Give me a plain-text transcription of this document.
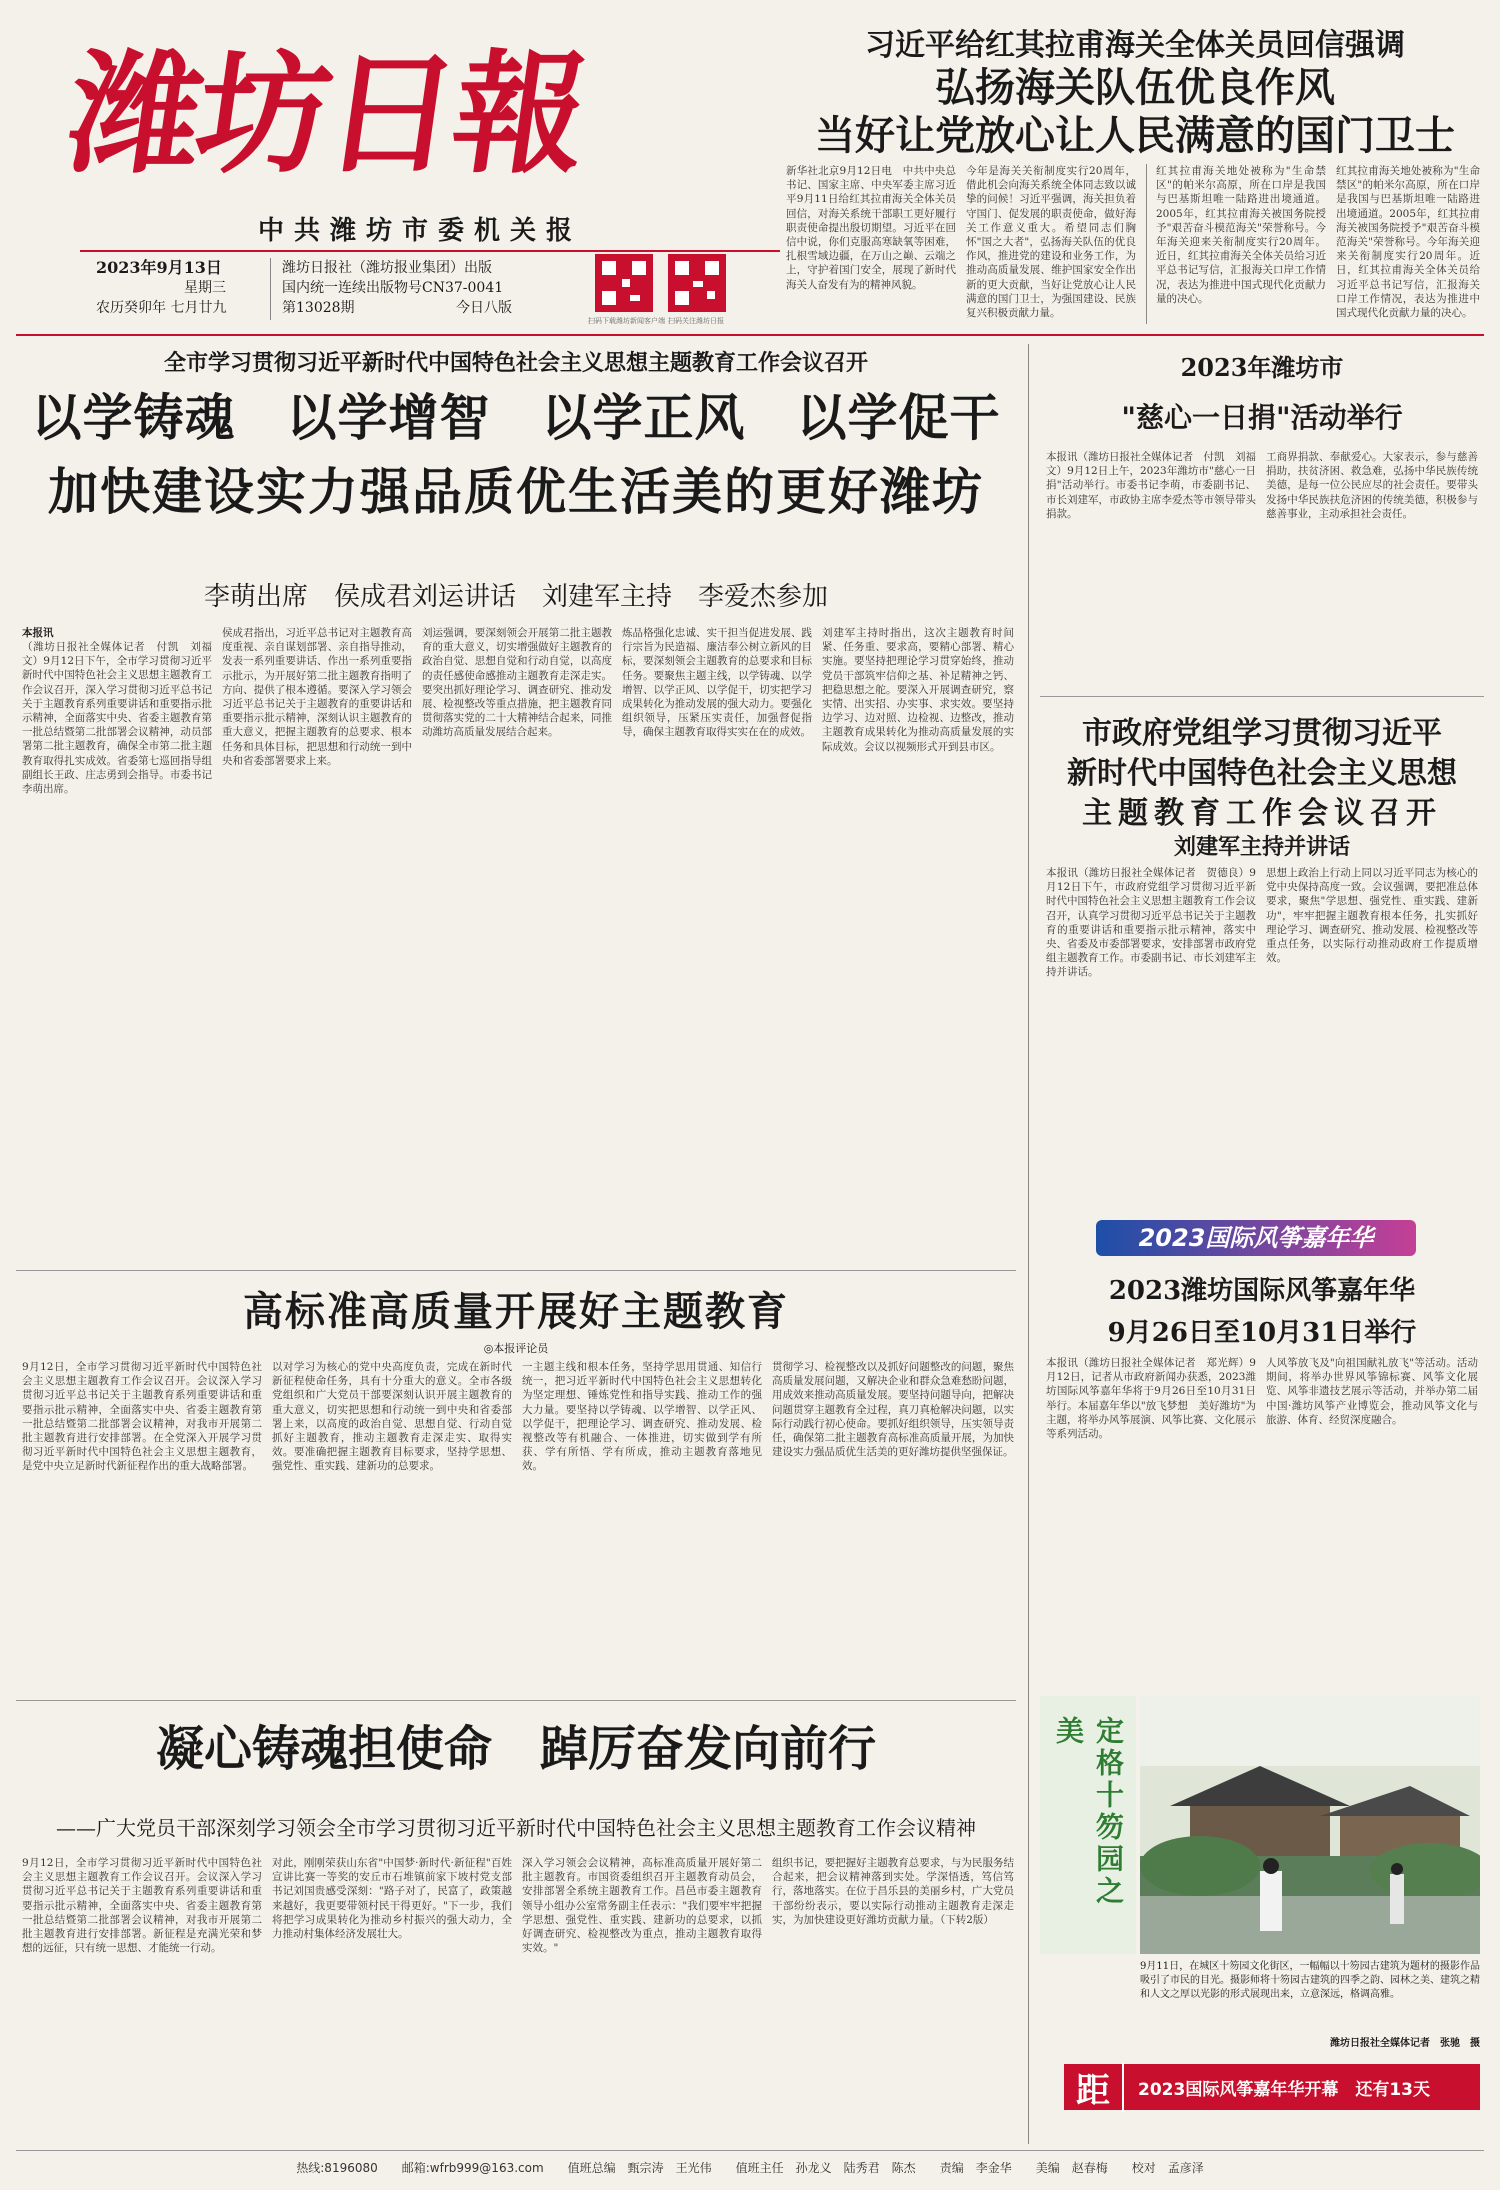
潍坊日報
中共潍坊市委机关报
2023年9月13日
星期三
农历癸卯年 七月廿九
潍坊日报社（潍坊报业集团）出版
国内统一连续出版物号CN37-0041
第13028期	今日八版
扫码下载潍坊新闻客户端 扫码关注潍坊日报
习近平给红其拉甫海关全体关员回信强调
弘扬海关队伍优良作风
当好让党放心让人民满意的国门卫士
新华社北京9月12日电　中共中央总书记、国家主席、中央军委主席习近平9月11日给红其拉甫海关全体关员回信，对海关系统干部职工更好履行职责使命提出殷切期望。习近平在回信中说，你们克服高寒缺氧等困难，扎根雪域边疆，在万山之巅、云端之上，守护着国门安全，展现了新时代海关人奋发有为的精神风貌。
今年是海关关衔制度实行20周年，借此机会向海关系统全体同志致以诚挚的问候！习近平强调，海关担负着守国门、促发展的职责使命，做好海关工作意义重大。希望同志们胸怀"国之大者"，弘扬海关队伍的优良作风，推进党的建设和业务工作，为推动高质量发展、维护国家安全作出新的更大贡献，当好让党放心让人民满意的国门卫士，为强国建设、民族复兴积极贡献力量。
红其拉甫海关地处被称为"生命禁区"的帕米尔高原，所在口岸是我国与巴基斯坦唯一陆路进出境通道。2005年，红其拉甫海关被国务院授予"艰苦奋斗模范海关"荣誉称号。今年海关迎来关衔制度实行20周年。近日，红其拉甫海关全体关员给习近平总书记写信，汇报海关口岸工作情况，表达为推进中国式现代化贡献力量的决心。
红其拉甫海关地处被称为"生命禁区"的帕米尔高原，所在口岸是我国与巴基斯坦唯一陆路进出境通道。2005年，红其拉甫海关被国务院授予"艰苦奋斗模范海关"荣誉称号。今年海关迎来关衔制度实行20周年。近日，红其拉甫海关全体关员给习近平总书记写信，汇报海关口岸工作情况，表达为推进中国式现代化贡献力量的决心。
全市学习贯彻习近平新时代中国特色社会主义思想主题教育工作会议召开
以学铸魂　以学增智　以学正风　以学促干
加快建设实力强品质优生活美的更好潍坊
李萌出席　侯成君刘运讲话　刘建军主持　李爱杰参加
本报讯
（潍坊日报社全媒体记者　付凯　刘福文）9月12日下午，全市学习贯彻习近平新时代中国特色社会主义思想主题教育工作会议召开，深入学习贯彻习近平总书记关于主题教育系列重要讲话和重要指示批示精神，全面落实中央、省委主题教育第一批总结暨第二批部署会议精神，动员部署第二批主题教育，确保全市第二批主题教育取得扎实成效。省委第七巡回指导组副组长王政、庄志勇到会指导。市委书记李萌出席。
侯成君指出，习近平总书记对主题教育高度重视、亲自谋划部署、亲自指导推动，发表一系列重要讲话、作出一系列重要指示批示，为开展好第二批主题教育指明了方向、提供了根本遵循。要深入学习领会习近平总书记关于主题教育的重要讲话和重要指示批示精神，深刻认识主题教育的重大意义，把握主题教育的总要求、根本任务和具体目标，把思想和行动统一到中央和省委部署要求上来。
刘运强调，要深刻领会开展第二批主题教育的重大意义，切实增强做好主题教育的政治自觉、思想自觉和行动自觉，以高度的责任感使命感推动主题教育走深走实。要突出抓好理论学习、调查研究、推动发展、检视整改等重点措施，把主题教育同贯彻落实党的二十大精神结合起来，同推动潍坊高质量发展结合起来。
炼品格强化忠诚、实干担当促进发展、践行宗旨为民造福、廉洁奉公树立新风的目标，要深刻领会主题教育的总要求和目标任务。要聚焦主题主线，以学铸魂、以学增智、以学正风、以学促干，切实把学习成果转化为推动发展的强大动力。要强化组织领导，压紧压实责任，加强督促指导，确保主题教育取得实实在在的成效。
刘建军主持时指出，这次主题教育时间紧、任务重、要求高，要精心部署、精心实施。要坚持把理论学习贯穿始终，推动党员干部筑牢信仰之基、补足精神之钙、把稳思想之舵。要深入开展调查研究，察实情、出实招、办实事、求实效。要坚持边学习、边对照、边检视、边整改，推动主题教育成果转化为推动高质量发展的实际成效。会议以视频形式开到县市区。
高标准高质量开展好主题教育
◎本报评论员
9月12日，全市学习贯彻习近平新时代中国特色社会主义思想主题教育工作会议召开。会议深入学习贯彻习近平总书记关于主题教育系列重要讲话和重要指示批示精神，全面落实中央、省委主题教育第一批总结暨第二批部署会议精神，对我市开展第二批主题教育进行安排部署。在全党深入开展学习贯彻习近平新时代中国特色社会主义思想主题教育，是党中央立足新时代新征程作出的重大战略部署。
以对学习为核心的党中央高度负责，完成在新时代新征程使命任务，具有十分重大的意义。全市各级党组织和广大党员干部要深刻认识开展主题教育的重大意义，切实把思想和行动统一到中央和省委部署上来，以高度的政治自觉、思想自觉、行动自觉抓好主题教育，推动主题教育走深走实、取得实效。要准确把握主题教育目标要求，坚持学思想、强党性、重实践、建新功的总要求。
一主题主线和根本任务，坚持学思用贯通、知信行统一，把习近平新时代中国特色社会主义思想转化为坚定理想、锤炼党性和指导实践、推动工作的强大力量。要坚持以学铸魂、以学增智、以学正风、以学促干，把理论学习、调查研究、推动发展、检视整改等有机融合、一体推进，切实做到学有所获、学有所悟、学有所成，推动主题教育落地见效。
贯彻学习、检视整改以及抓好问题整改的问题，聚焦高质量发展问题，又解决企业和群众急难愁盼问题，用成效来推动高质量发展。要坚持问题导向，把解决问题贯穿主题教育全过程，真刀真枪解决问题，以实际行动践行初心使命。要抓好组织领导，压实领导责任，确保第二批主题教育高标准高质量开展，为加快建设实力强品质优生活美的更好潍坊提供坚强保证。
凝心铸魂担使命　踔厉奋发向前行
——广大党员干部深刻学习领会全市学习贯彻习近平新时代中国特色社会主义思想主题教育工作会议精神
9月12日，全市学习贯彻习近平新时代中国特色社会主义思想主题教育工作会议召开。会议深入学习贯彻习近平总书记关于主题教育系列重要讲话和重要指示批示精神，全面落实中央、省委主题教育第一批总结暨第二批部署会议精神，对我市开展第二批主题教育进行安排部署。新征程是充满光荣和梦想的远征，只有统一思想、才能统一行动。
对此，刚刚荣获山东省"中国梦·新时代·新征程"百姓宣讲比赛一等奖的安丘市石堆镇前家下坡村党支部书记刘国贵感受深刻："路子对了，民富了，政策越来越好，我更要带领村民干得更好。"下一步，我们将把学习成果转化为推动乡村振兴的强大动力，全力推动村集体经济发展壮大。
深入学习领会会议精神，高标准高质量开展好第二批主题教育。市国资委组织召开主题教育动员会，安排部署全系统主题教育工作。昌邑市委主题教育领导小组办公室常务副主任表示："我们要牢牢把握学思想、强党性、重实践、建新功的总要求，以抓好调查研究、检视整改为重点，推动主题教育取得实效。"
组织书记，要把握好主题教育总要求，与为民服务结合起来，把会议精神落到实处。学深悟透，笃信笃行，落地落实。在位于昌乐县的美丽乡村，广大党员干部纷纷表示，要以实际行动推动主题教育走深走实，为加快建设更好潍坊贡献力量。（下转2版）
2023年潍坊市
"慈心一日捐"活动举行
本报讯（潍坊日报社全媒体记者　付凯　刘福文）9月12日上午，2023年潍坊市"慈心一日捐"活动举行。市委书记李萌，市委副书记、市长刘建军，市政协主席李爱杰等市领导带头捐款。
工商界捐款、奉献爱心。大家表示，参与慈善捐助，扶贫济困、救急难，弘扬中华民族传统美德，是每一位公民应尽的社会责任。要带头发扬中华民族扶危济困的传统美德，积极参与慈善事业，主动承担社会责任。
市政府党组学习贯彻习近平
新时代中国特色社会主义思想
主题教育工作会议召开
刘建军主持并讲话
本报讯（潍坊日报社全媒体记者　贺德良）9月12日下午，市政府党组学习贯彻习近平新时代中国特色社会主义思想主题教育工作会议召开，认真学习贯彻习近平总书记关于主题教育的重要讲话和重要指示批示精神，落实中央、省委及市委部署要求，安排部署市政府党组主题教育工作。市委副书记、市长刘建军主持并讲话。
思想上政治上行动上同以习近平同志为核心的党中央保持高度一致。会议强调，要把准总体要求，聚焦"学思想、强党性、重实践、建新功"，牢牢把握主题教育根本任务，扎实抓好理论学习、调查研究、推动发展、检视整改等重点任务，以实际行动推动政府工作提质增效。
2023国际风筝嘉年华
2023潍坊国际风筝嘉年华
9月26日至10月31日举行
本报讯（潍坊日报社全媒体记者　郑光辉）9月12日，记者从市政府新闻办获悉，2023潍坊国际风筝嘉年华将于9月26日至10月31日举行。本届嘉年华以"放飞梦想　美好潍坊"为主题，将举办风筝展演、风筝比赛、文化展示等系列活动。
人风筝放飞及"向祖国献礼放飞"等活动。活动期间，将举办世界风筝锦标赛、风筝文化展览、风筝非遗技艺展示等活动，并举办第二届中国·潍坊风筝产业博览会，推动风筝文化与旅游、体育、经贸深度融合。
定格十笏园之美
9月11日，在城区十笏园文化街区，一幅幅以十笏园古建筑为题材的摄影作品吸引了市民的目光。摄影师将十笏园古建筑的四季之韵、园林之美、建筑之精和人文之厚以光影的形式展现出来，立意深远，格调高雅。
潍坊日报社全媒体记者　张驰　摄
距	2023国际风筝嘉年华开幕　还有13天
热线:8196080 邮箱:wfrb999@163.com 值班总编　甄宗涛　王光伟 值班主任　孙龙义　陆秀君　陈杰 责编　李金华 美编　赵春梅 校对　孟彦泽
